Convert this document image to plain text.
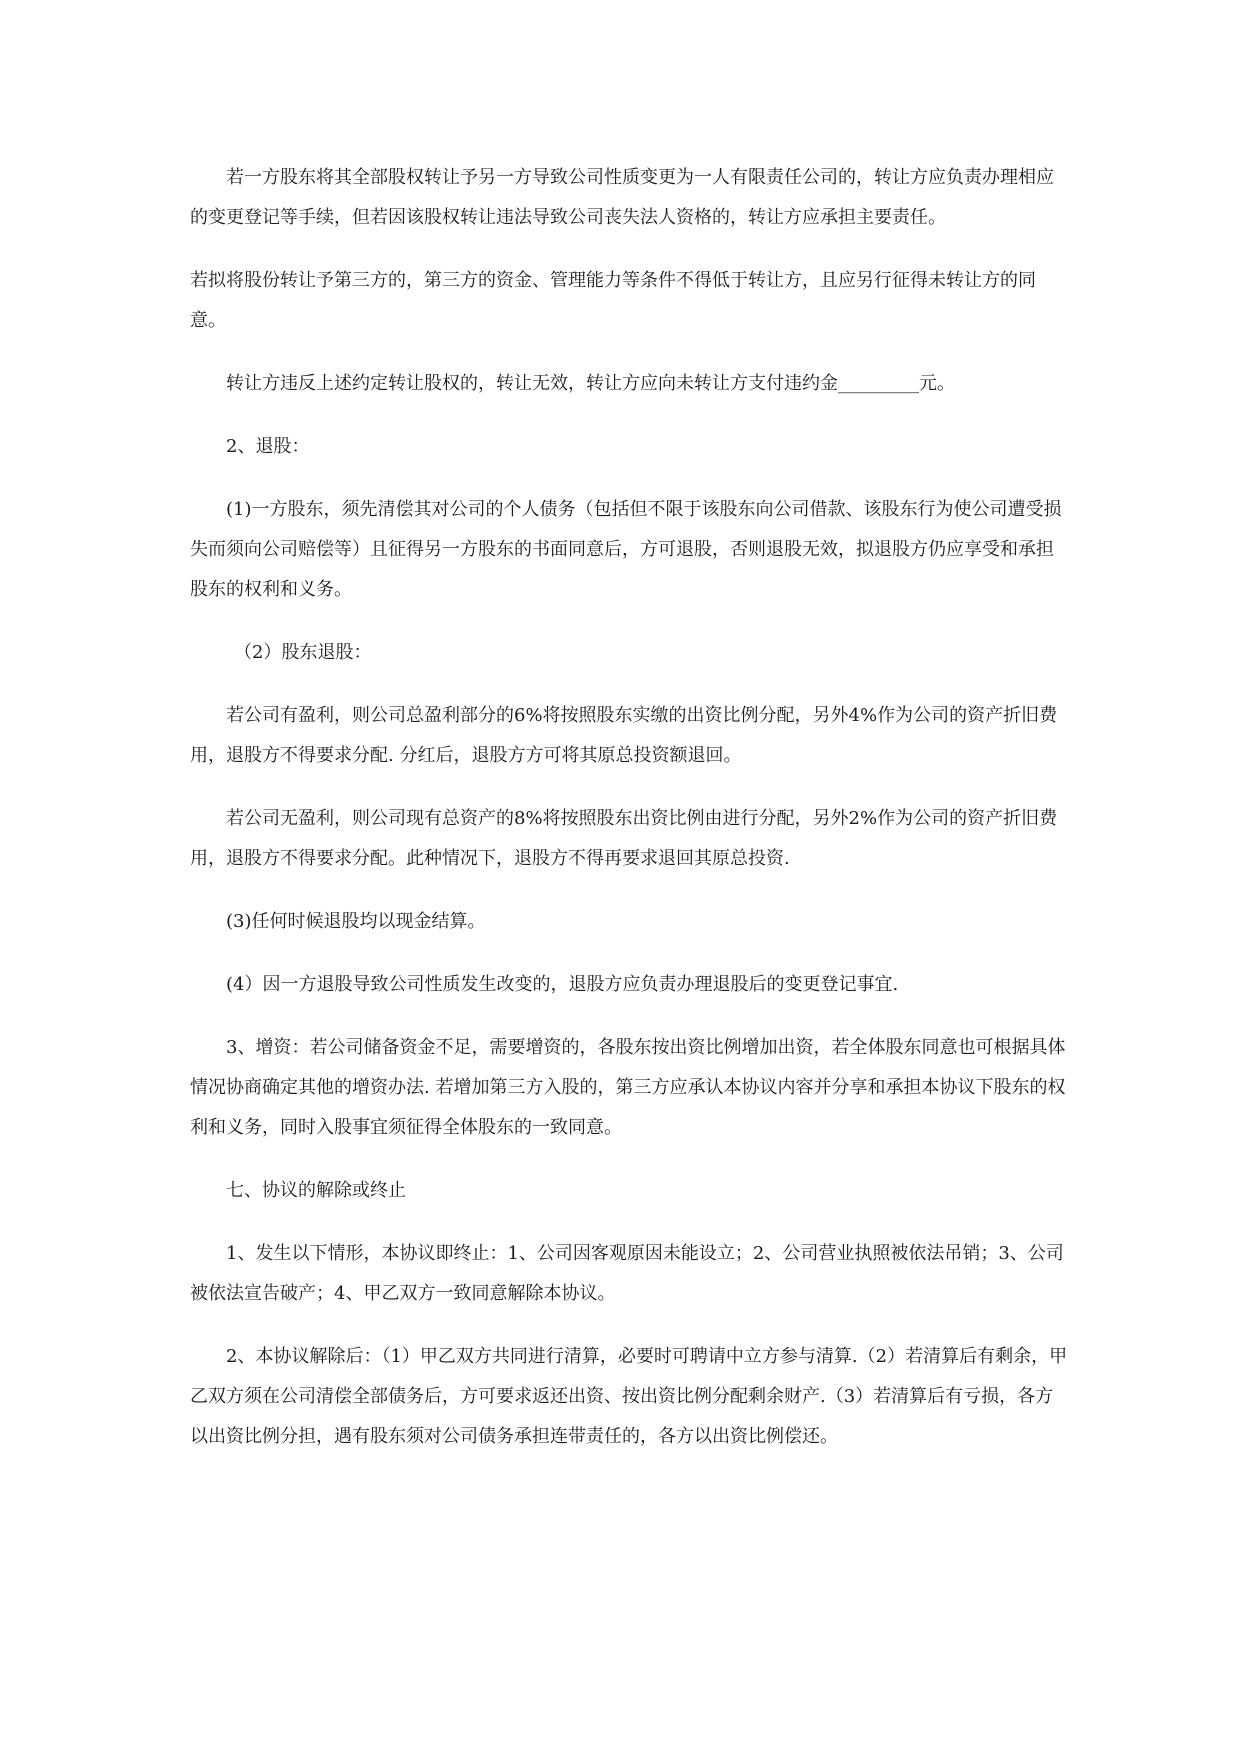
若一方股东将其全部股权转让予另一方导致公司性质变更为一人有限责任公司的，转让方应负责办理相应的变更登记等手续，但若因该股权转让违法导致公司丧失法人资格的，转让方应承担主要责任。

若拟将股份转让予第三方的，第三方的资金、管理能力等条件不得低于转让方，且应另行征得未转让方的同意。

转让方违反上述约定转让股权的，转让无效，转让方应向未转让方支付违约金_________元。

2、退股：

(1)一方股东，须先清偿其对公司的个人债务（包括但不限于该股东向公司借款、该股东行为使公司遭受损失而须向公司赔偿等）且征得另一方股东的书面同意后，方可退股，否则退股无效，拟退股方仍应享受和承担股东的权利和义务。

（2）股东退股：

若公司有盈利，则公司总盈利部分的6%将按照股东实缴的出资比例分配，另外4%作为公司的资产折旧费用，退股方不得要求分配. 分红后，退股方方可将其原总投资额退回。

若公司无盈利，则公司现有总资产的8%将按照股东出资比例由进行分配，另外2%作为公司的资产折旧费用，退股方不得要求分配。此种情况下，退股方不得再要求退回其原总投资.

(3)任何时候退股均以现金结算。

(4）因一方退股导致公司性质发生改变的，退股方应负责办理退股后的变更登记事宜.

3、增资：若公司储备资金不足，需要增资的，各股东按出资比例增加出资，若全体股东同意也可根据具体情况协商确定其他的增资办法. 若增加第三方入股的，第三方应承认本协议内容并分享和承担本协议下股东的权利和义务，同时入股事宜须征得全体股东的一致同意。

七、协议的解除或终止

1、发生以下情形，本协议即终止：1、公司因客观原因未能设立；2、公司营业执照被依法吊销；3、公司被依法宣告破产；4、甲乙双方一致同意解除本协议。

2、本协议解除后：（1）甲乙双方共同进行清算，必要时可聘请中立方参与清算.（2）若清算后有剩余，甲乙双方须在公司清偿全部债务后，方可要求返还出资、按出资比例分配剩余财产.（3）若清算后有亏损，各方以出资比例分担，遇有股东须对公司债务承担连带责任的，各方以出资比例偿还。
